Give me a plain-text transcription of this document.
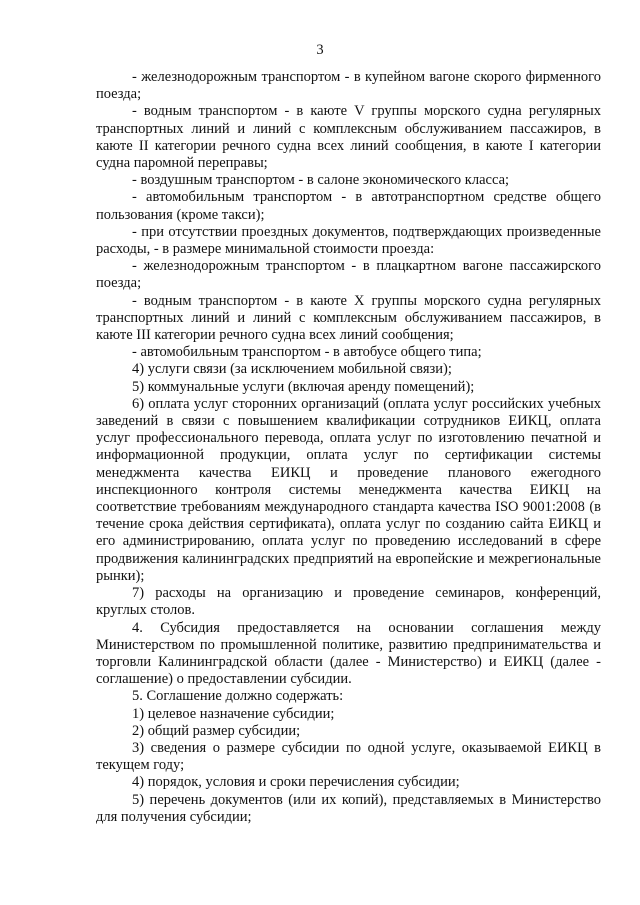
3

- железнодорожным транспортом - в купейном вагоне скорого фирменного поезда;

- водным транспортом - в каюте V группы морского судна регулярных транспортных линий и линий с комплексным обслуживанием пассажиров, в каюте II категории речного судна всех линий сообщения, в каюте I категории судна паромной переправы;

- воздушным транспортом - в салоне экономического класса;

- автомобильным транспортом - в автотранспортном средстве общего пользования (кроме такси);

- при отсутствии проездных документов, подтверждающих произведенные расходы, - в размере минимальной стоимости проезда:

- железнодорожным транспортом - в плацкартном вагоне пассажирского поезда;

- водным транспортом - в каюте X группы морского судна регулярных транспортных линий и линий с комплексным обслуживанием пассажиров, в каюте III категории речного судна всех линий сообщения;

- автомобильным транспортом - в автобусе общего типа;

4) услуги связи (за исключением мобильной связи);

5) коммунальные услуги (включая аренду помещений);

6) оплата услуг сторонних организаций (оплата услуг российских учебных заведений в связи с повышением квалификации сотрудников ЕИКЦ, оплата услуг профессионального перевода, оплата услуг по изготовлению печатной и информационной продукции, оплата услуг по сертификации системы менеджмента качества ЕИКЦ и проведение планового ежегодного инспекционного контроля системы менеджмента качества ЕИКЦ на соответствие требованиям международного стандарта качества ISO 9001:2008 (в течение срока действия сертификата), оплата услуг по созданию сайта ЕИКЦ и его администрированию, оплата услуг по проведению исследований в сфере продвижения калининградских предприятий на европейские и межрегиональные рынки);

7) расходы на организацию и проведение семинаров, конференций, круглых столов.

4. Субсидия предоставляется на основании соглашения между Министерством по промышленной политике, развитию предпринимательства и торговли Калининградской области (далее - Министерство) и ЕИКЦ (далее - соглашение) о предоставлении субсидии.

5. Соглашение должно содержать:

1) целевое назначение субсидии;

2) общий размер субсидии;

3) сведения о размере субсидии по одной услуге, оказываемой ЕИКЦ в текущем году;

4) порядок, условия и сроки перечисления субсидии;

5) перечень документов (или их копий), представляемых в Министерство для получения субсидии;
